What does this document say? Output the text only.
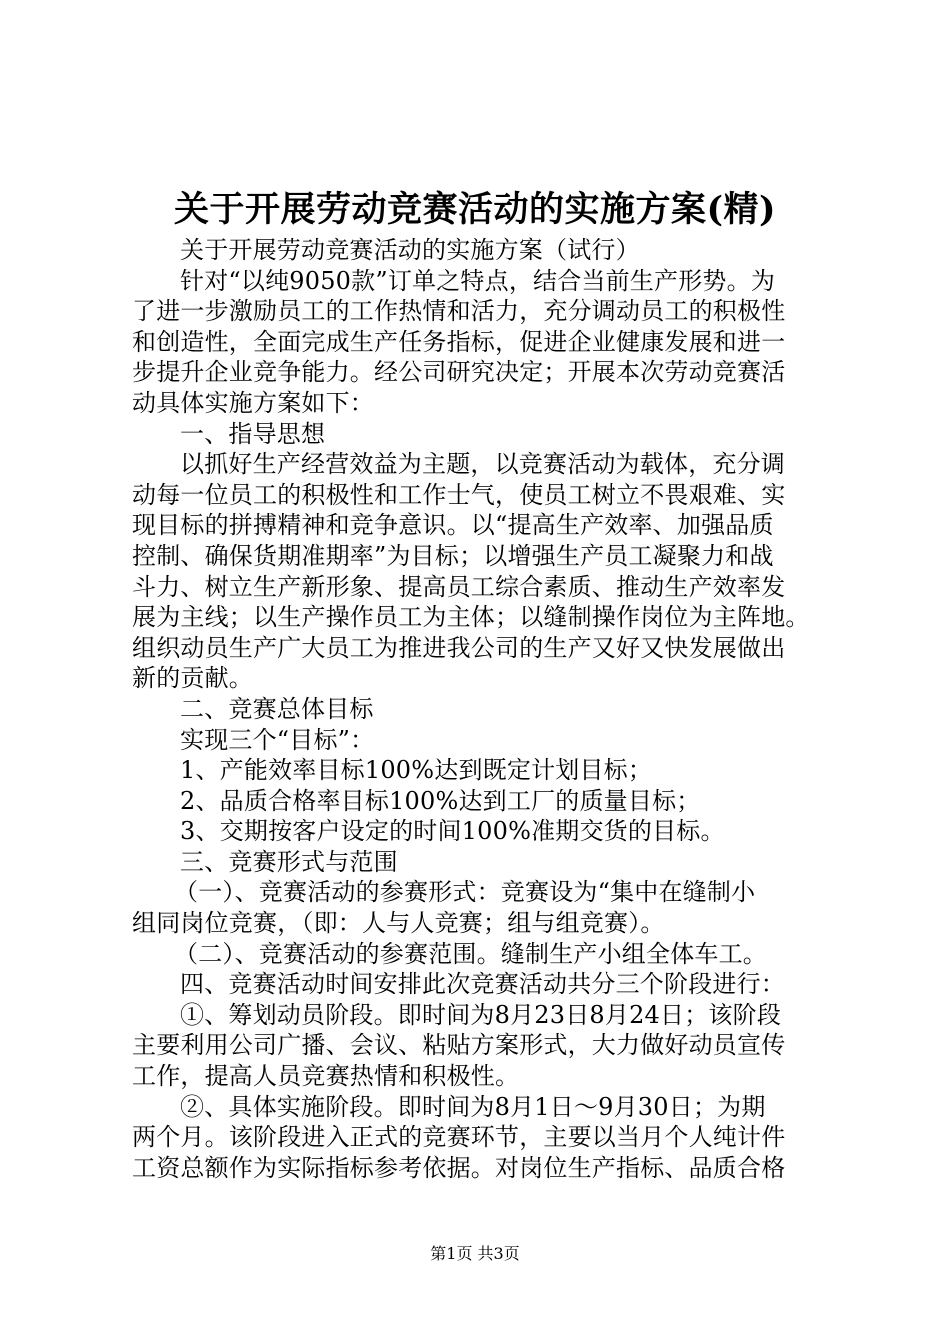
关于开展劳动竞赛活动的实施方案(精)
关于开展劳动竞赛活动的实施方案（试行）
针对“以纯9050款”订单之特点，结合当前生产形势。为
了进一步激励员工的工作热情和活力，充分调动员工的积极性
和创造性，全面完成生产任务指标，促进企业健康发展和进一
步提升企业竞争能力。经公司研究决定；开展本次劳动竞赛活
动具体实施方案如下：
一、指导思想
以抓好生产经营效益为主题，以竞赛活动为载体，充分调
动每一位员工的积极性和工作士气，使员工树立不畏艰难、实
现目标的拼搏精神和竞争意识。以“提高生产效率、加强品质
控制、确保货期准期率”为目标；以增强生产员工凝聚力和战
斗力、树立生产新形象、提高员工综合素质、推动生产效率发
展为主线；以生产操作员工为主体；以缝制操作岗位为主阵地。
组织动员生产广大员工为推进我公司的生产又好又快发展做出
新的贡献。
二、竞赛总体目标
实现三个“目标”：
1、产能效率目标100%达到既定计划目标；
2、品质合格率目标100%达到工厂的质量目标；
3、交期按客户设定的时间100%准期交货的目标。
三、竞赛形式与范围
（一）、竞赛活动的参赛形式：竞赛设为“集中在缝制小
组同岗位竞赛，（即：人与人竞赛；组与组竞赛）。
（二）、竞赛活动的参赛范围。缝制生产小组全体车工。
四、竞赛活动时间安排此次竞赛活动共分三个阶段进行：
①、筹划动员阶段。即时间为8月23日8月24日；该阶段
主要利用公司广播、会议、粘贴方案形式，大力做好动员宣传
工作，提高人员竞赛热情和积极性。
②、具体实施阶段。即时间为8月1日～9月30日；为期
两个月。该阶段进入正式的竞赛环节，主要以当月个人纯计件
工资总额作为实际指标参考依据。对岗位生产指标、品质合格
第1页 共3页
